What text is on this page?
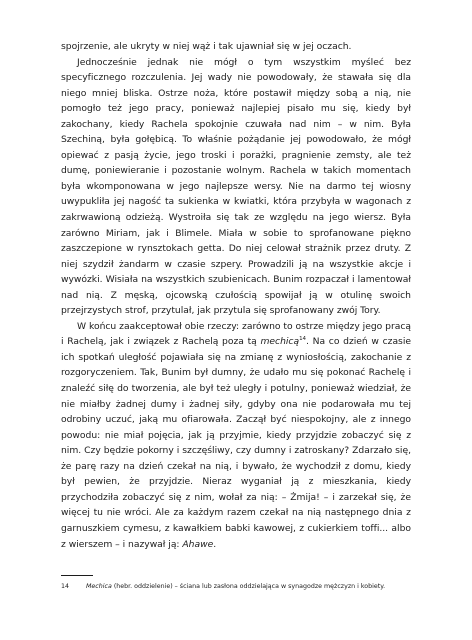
spojrzenie, ale ukryty w niej wąż i tak ujawniał się w jej oczach.

Jednocześnie jednak nie mógł o tym wszystkim myśleć bez specyficznego rozczulenia. Jej wady nie powodowały, że stawała się dla niego mniej bliska. Ostrze noża, które postawił między sobą a nią, nie pomogło też jego pracy, ponieważ najlepiej pisało mu się, kiedy był zakochany, kiedy Rachela spokojnie czuwała nad nim – w nim. Była Szechiną, była gołębicą. To właśnie pożądanie jej powodowało, że mógł opiewać z pasją życie, jego troski i porażki, pragnienie zemsty, ale też dumę, poniewieranie i pozostanie wolnym. Rachela w takich momentach była wkomponowana w jego najlepsze wersy. Nie na darmo tej wiosny uwypukliła jej nagość ta sukienka w kwiatki, która przybyła w wagonach z zakrwawioną odzieżą. Wystroiła się tak ze względu na jego wiersz. Była zarówno Miriam, jak i Blimele. Miała w sobie to sprofanowane piękno zaszczepione w rynsztokach getta. Do niej celował strażnik przez druty. Z niej szydził żandarm w czasie szpery. Prowadzili ją na wszystkie akcje i wywózki. Wisiała na wszystkich szubienicach. Bunim rozpaczał i lamentował nad nią. Z męską, ojcowską czułością spowijał ją w otulinę swoich przejrzystych strof, przytulał, jak przytula się sprofanowany zwój Tory.

W końcu zaakceptował obie rzeczy: zarówno to ostrze między jego pracą i Rachelą, jak i związek z Rachelą poza tą mechicą$^{14}$. Na co dzień w czasie ich spotkań uległość pojawiała się na zmianę z wyniosłością, zakochanie z rozgoryczeniem. Tak, Bunim był dumny, że udało mu się pokonać Rachelę i znaleźć siłę do tworzenia, ale był też uległy i potulny, ponieważ wiedział, że nie miałby żadnej dumy i żadnej siły, gdyby ona nie podarowała mu tej odrobiny uczuć, jaką mu ofiarowała. Zaczął być niespokojny, ale z innego powodu: nie miał pojęcia, jak ją przyjmie, kiedy przyjdzie zobaczyć się z nim. Czy będzie pokorny i szczęśliwy, czy dumny i zatroskany? Zdarzało się, że parę razy na dzień czekał na nią, i bywało, że wychodził z domu, kiedy był pewien, że przyjdzie. Nieraz wyganiał ją z mieszkania, kiedy przychodziła zobaczyć się z nim, wołał za nią: – Żmija! – i zarzekał się, że więcej tu nie wróci. Ale za każdym razem czekał na nią następnego dnia z garnuszkiem cymesu, z kawałkiem babki kawowej, z cukierkiem toffi... albo z wierszem – i nazywał ją: Ahawe.

14	Mechica (hebr. oddzielenie) – ściana lub zasłona oddzielająca w synagodze mężczyzn i kobiety.
